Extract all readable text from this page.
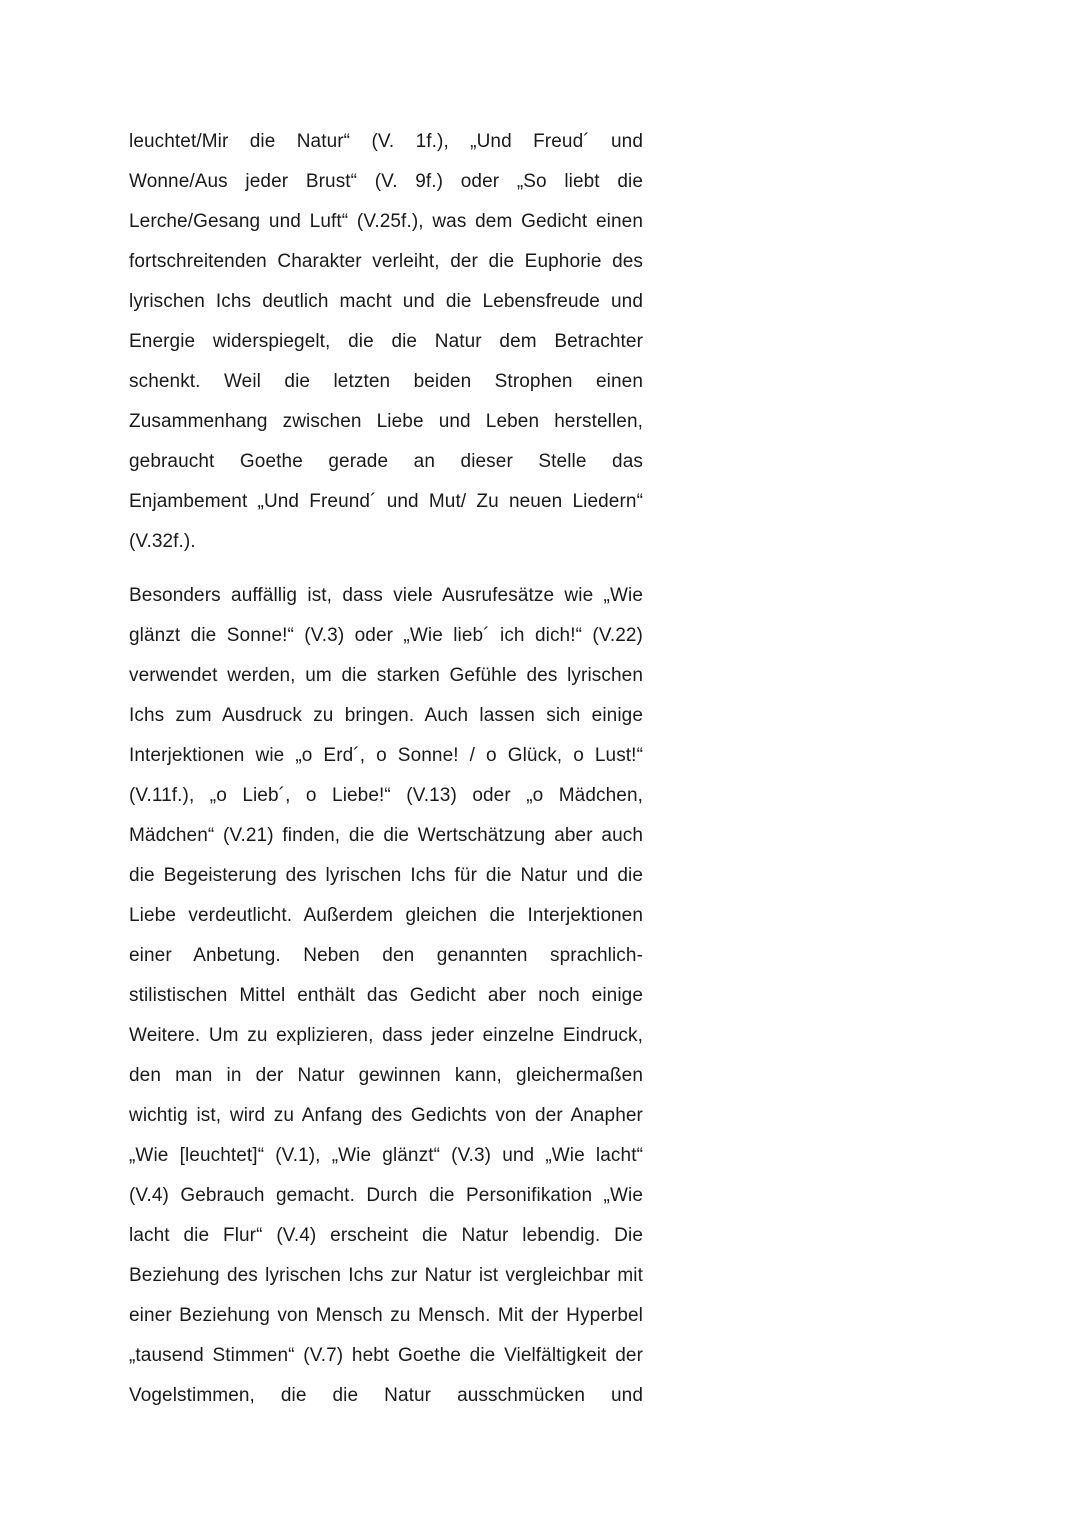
leuchtet/Mir die Natur“ (V. 1f.), „Und Freud´ und
Wonne/Aus jeder Brust“ (V. 9f.) oder „So liebt die
Lerche/Gesang und Luft“ (V.25f.), was dem Gedicht einen
fortschreitenden Charakter verleiht, der die Euphorie des
lyrischen Ichs deutlich macht und die Lebensfreude und
Energie widerspiegelt, die die Natur dem Betrachter
schenkt. Weil die letzten beiden Strophen einen
Zusammenhang zwischen Liebe und Leben herstellen,
gebraucht Goethe gerade an dieser Stelle das
Enjambement „Und Freund´ und Mut/ Zu neuen Liedern“
(V.32f.).

Besonders auffällig ist, dass viele Ausrufesätze wie „Wie
glänzt die Sonne!“ (V.3) oder „Wie lieb´ ich dich!“ (V.22)
verwendet werden, um die starken Gefühle des lyrischen
Ichs zum Ausdruck zu bringen. Auch lassen sich einige
Interjektionen wie „o Erd´, o Sonne! / o Glück, o Lust!“
(V.11f.), „o Lieb´, o Liebe!“ (V.13) oder „o Mädchen,
Mädchen“ (V.21) finden, die die Wertschätzung aber auch
die Begeisterung des lyrischen Ichs für die Natur und die
Liebe verdeutlicht. Außerdem gleichen die Interjektionen
einer Anbetung. Neben den genannten sprachlich-
stilistischen Mittel enthält das Gedicht aber noch einige
Weitere. Um zu explizieren, dass jeder einzelne Eindruck,
den man in der Natur gewinnen kann, gleichermaßen
wichtig ist, wird zu Anfang des Gedichts von der Anapher
„Wie [leuchtet]“ (V.1), „Wie glänzt“ (V.3) und „Wie lacht“
(V.4) Gebrauch gemacht. Durch die Personifikation „Wie
lacht die Flur“ (V.4) erscheint die Natur lebendig. Die
Beziehung des lyrischen Ichs zur Natur ist vergleichbar mit
einer Beziehung von Mensch zu Mensch. Mit der Hyperbel
„tausend Stimmen“ (V.7) hebt Goethe die Vielfältigkeit der
Vogelstimmen, die die Natur ausschmücken und
